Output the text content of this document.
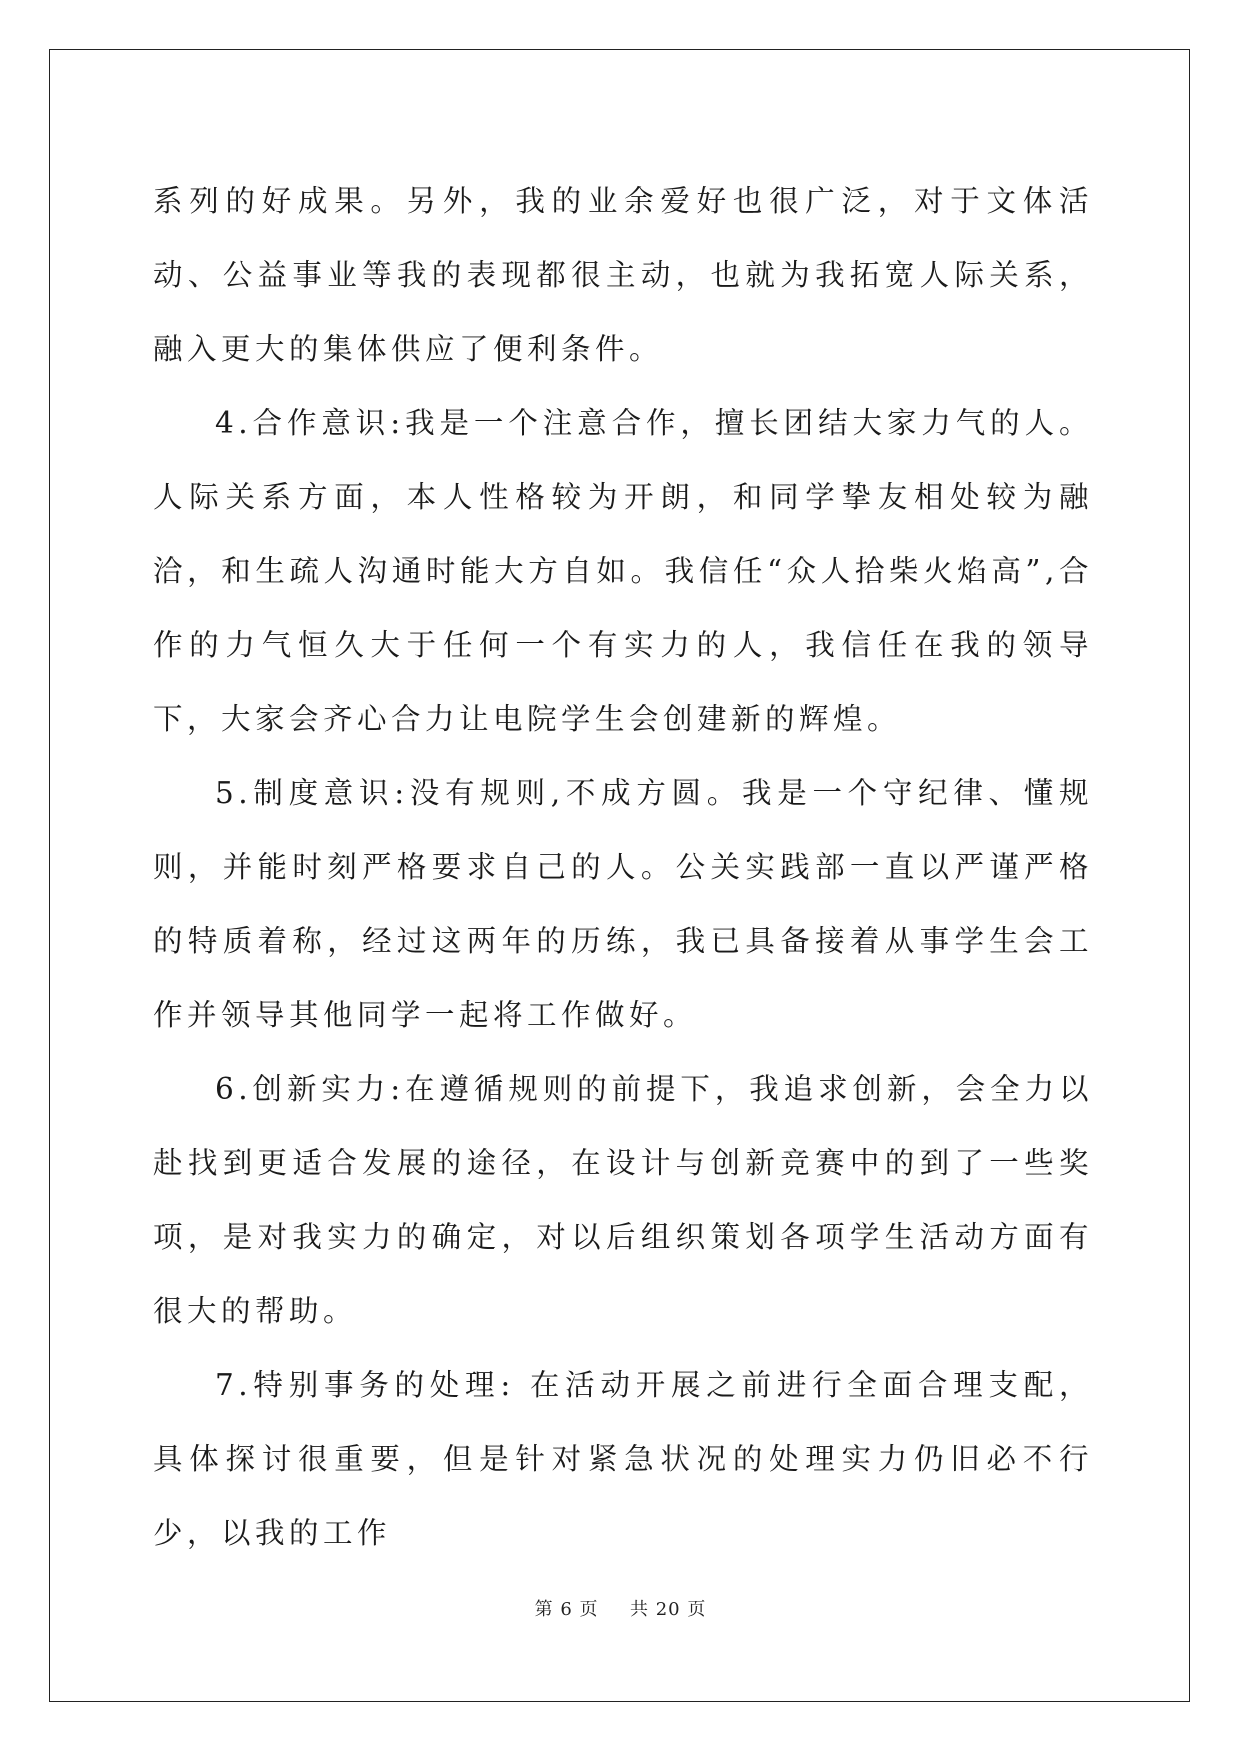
系列的好成果。另外，我的业余爱好也很广泛，对于文体活动、公益事业等我的表现都很主动，也就为我拓宽人际关系，融入更大的集体供应了便利条件。

4.合作意识:我是一个注意合作，擅长团结大家力气的人。人际关系方面，本人性格较为开朗，和同学挚友相处较为融洽，和生疏人沟通时能大方自如。我信任“众人拾柴火焰高”,合作的力气恒久大于任何一个有实力的人，我信任在我的领导下，大家会齐心合力让电院学生会创建新的辉煌。

5.制度意识:没有规则,不成方圆。我是一个守纪律、懂规则，并能时刻严格要求自己的人。公关实践部一直以严谨严格的特质着称，经过这两年的历练，我已具备接着从事学生会工作并领导其他同学一起将工作做好。

6.创新实力:在遵循规则的前提下，我追求创新，会全力以赴找到更适合发展的途径，在设计与创新竞赛中的到了一些奖项，是对我实力的确定，对以后组织策划各项学生活动方面有很大的帮助。

7.特别事务的处理: 在活动开展之前进行全面合理支配，具体探讨很重要，但是针对紧急状况的处理实力仍旧必不行少，以我的工作

第 6 页 共 20 页
